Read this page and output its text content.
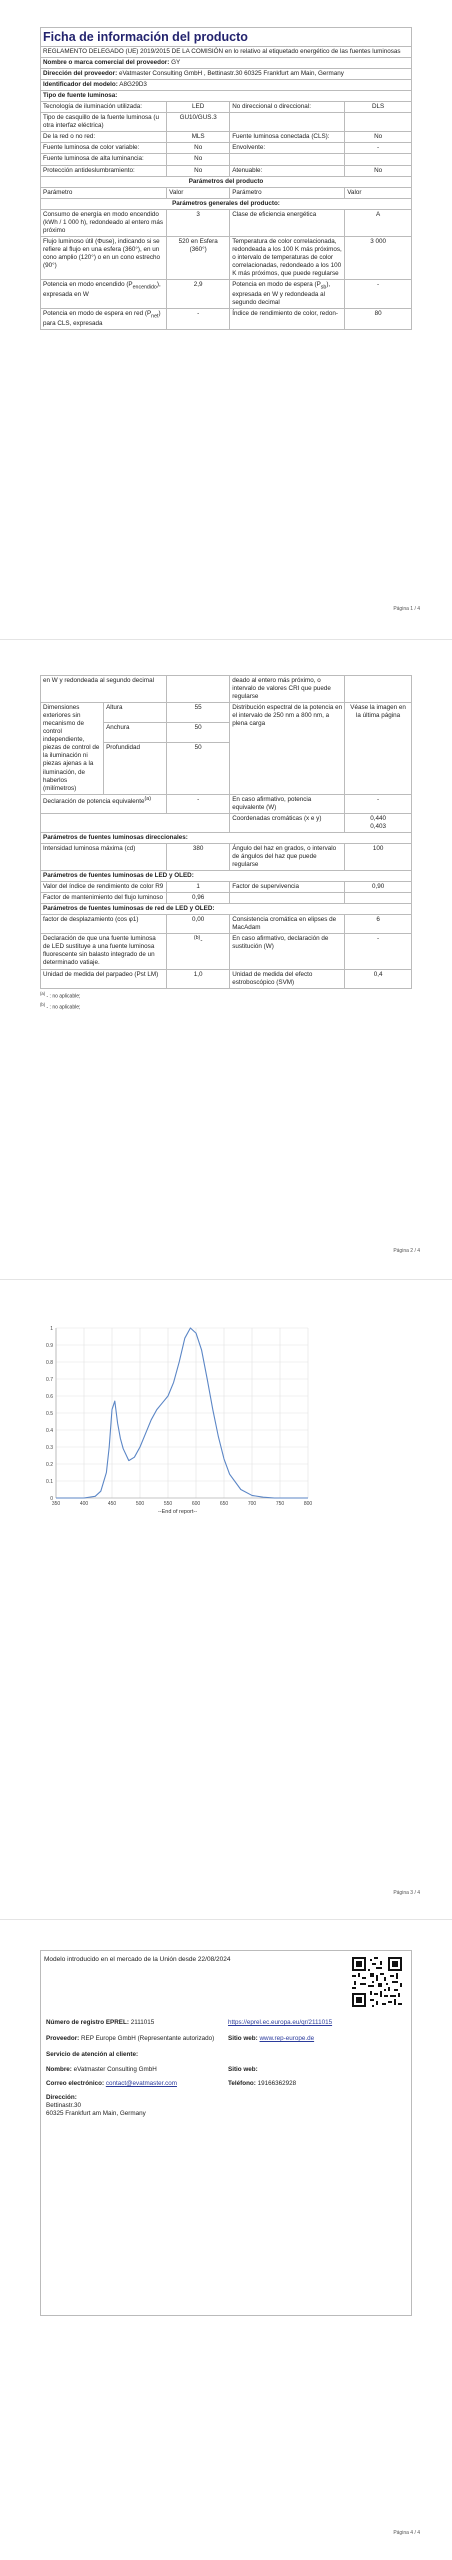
Ficha de información del producto			
REGLAMENTO DELEGADO (UE) 2019/2015 DE LA COMISIÓN en lo relativo al etiquetado energético de las fuentes luminosas			
Nombre o marca comercial del proveedor: GY			
Dirección del proveedor: eVatmaster Consulting GmbH , Bettinastr.30 60325 Frankfurt am Main, Germany			
Identificador del modelo: A8G29D3			
Tipo de fuente luminosa:			
Tecnología de iluminación utilizada:	LED	No direccional o direccional:	DLS
Tipo de casquillo de la fuente luminosa (u otra interfaz eléctrica)	GU10/GUS.3		
De la red o no red:	MLS	Fuente luminosa conectada (CLS):	No
Fuente luminosa de color variable:	No	Envolvente:	-
Fuente luminosa de alta luminancia:	No		
Protección antideslumbramiento:	No	Atenuable:	No
Parámetros del producto			
Parámetro	Valor	Parámetro	Valor
Parámetros generales del producto:			
Consumo de energía en modo encendido (kWh / 1 000 h), redondeado al entero más próximo	3	Clase de eficiencia energética	A
Flujo luminoso útil (Φuse), indicando si se refiere al flujo en una esfera (360°), en un cono amplio (120°) o en un cono estrecho (90°)	520 en Esfera (360°)	Temperatura de color correlacionada, redondeada a los 100 K más próximos, o intervalo de temperaturas de color correlacionadas, redondeado a los 100 K más próximos, que puede regularse	3 000
Potencia en modo encendido $(P_{encendido})$, expresada en W	2,9	Potencia en modo de espera $(P_{sb})$, expresada en W y redondeada al segundo decimal	-
Potencia en modo de espera en red $(P_{net})$ para CLS, expresada	-	Índice de rendimiento de color, redon-	80
Página 1 / 4
en W y redondeada al segundo decimal			deado al entero más próximo, o intervalo de valores CRI que puede regularse	
Dimensiones exteriores sin mecanismo de control independiente, piezas de control de la iluminación ni piezas ajenas a la iluminación, de haberlos (milímetros)	Altura	55	Distribución espectral de la potencia en el intervalo de 250 nm a 800 nm, a plena carga	Véase la imagen en la última página
	Anchura	50		
	Profundidad	50		
Declaración de potencia equivalente$^{(a)}$		-	En caso afirmativo, potencia equivalente (W)	-
			Coordenadas cromáticas (x e y)	0,440
0,403

Parámetros de fuentes luminosas direccionales:				
Intensidad luminosa máxima (cd)		380	Ángulo del haz en grados, o intervalo de ángulos del haz que puede regularse	100
Parámetros de fuentes luminosas de LED y OLED:				
Valor del índice de rendimiento de color R9		1	Factor de supervivencia	0,90
Factor de mantenimiento del flujo luminoso		0,96		
Parámetros de fuentes luminosas de red de LED y OLED:				
factor de desplazamiento (cos φ1)		0,00	Consistencia cromática en elipses de MacAdam	6
Declaración de que una fuente luminosa de LED sustituye a una fuente luminosa fluorescente sin balasto integrado de un determinado vatiaje.		$^{(b)}$-	En caso afirmativo, declaración de sustitución (W)	-
Unidad de medida del parpadeo (Pst LM)		1,0	Unidad de medida del efecto estroboscópico (SVM)	0,4
$^{(a)}$ - : no aplicable;
$^{(b)}$ - : no aplicable;
Página 2 / 4
0
0.1
0.2
0.3
0.4
0.5
0.6
0.7
0.8
0.9
1
350	400	450	500	550	600	650	700	750	800
--End of report--
Página 3 / 4
Modelo introducido en el mercado de la Unión desde 22/08/2024
Número de registro EPREL: 2111015	https://eprel.ec.europa.eu/qr/2111015
Proveedor: REP Europe GmbH (Representante autorizado)	Sitio web: www.rep-europe.de
Servicio de atención al cliente:	
Nombre: eVatmaster Consulting GmbH	Sitio web:
Correo electrónico: contact@evatmaster.com	Teléfono: 19166362928

Dirección:
Bettinastr.30
60325 Frankfurt am Main, Germany	

Página 4 / 4
